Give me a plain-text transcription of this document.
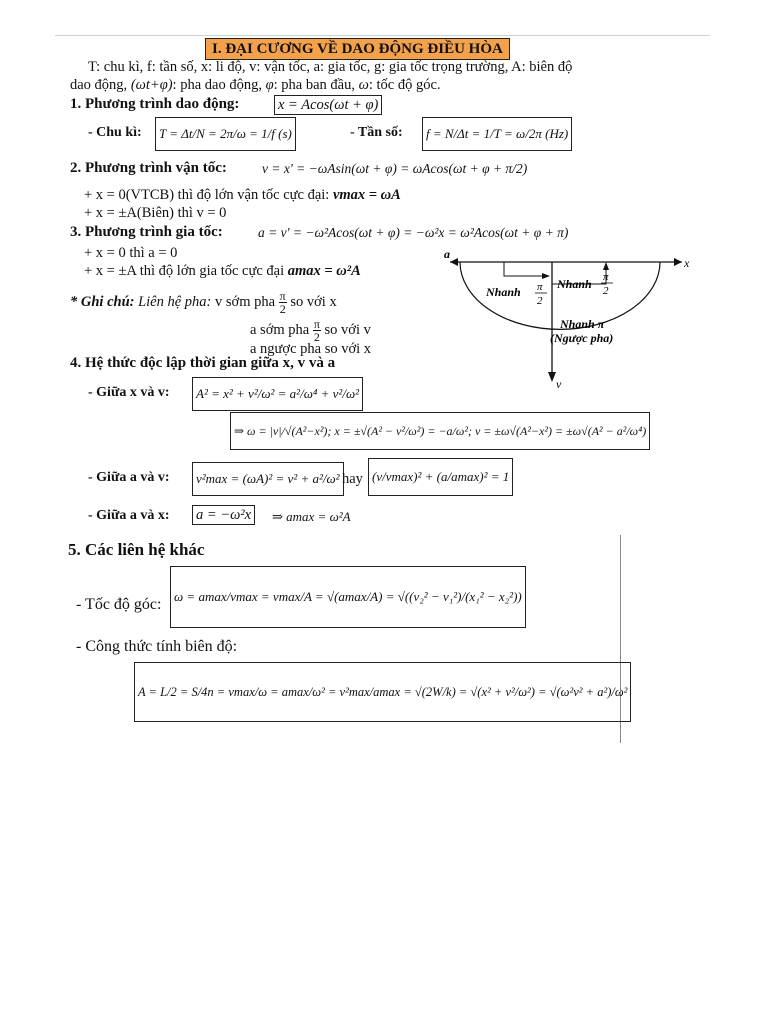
I. ĐẠI CƯƠNG VỀ DAO ĐỘNG ĐIỀU HÒA
T: chu kì, f: tần số, x: li độ, v: vận tốc, a: gia tốc, g: gia tốc trọng trường, A: biên độ
dao động, (ωt+φ): pha dao động, φ: pha ban đầu, ω: tốc độ góc.
1. Phương trình dao động:	x = Acos(ωt + φ)
- Chu kì:	T = Δt/N = 2π/ω = 1/f (s)	- Tần số:	f = N/Δt = 1/T = ω/2π (Hz)
2. Phương trình vận tốc:	v = x' = −ωAsin(ωt + φ) = ωAcos(ωt + φ + π/2)
+ x = 0(VTCB) thì độ lớn vận tốc cực đại: vmax = ωA
+ x = ±A(Biên) thì v = 0
3. Phương trình gia tốc:	a = v' = −ω²Acos(ωt + φ) = −ω²x = ω²Acos(ωt + φ + π)
+ x = 0 thì a = 0
+ x = ±A thì độ lớn gia tốc cực đại amax = ω²A
* Ghi chú: Liên hệ pha: v sớm pha $\frac{\pi}{2}$ so với x
a sớm pha $\frac{\pi}{2}$ so với v
a ngược pha so với x
a
x
v
Nhanh π
2
Nhanh π
2
Nhanh π
(Ngược pha)
4. Hệ thức độc lập thời gian giữa x, v và a
- Giữa x và v:	A² = x² + v²/ω² = a²/ω⁴ + v²/ω²
⇒ ω = |v|/√(A²−x²); x = ±√(A² − v²/ω²) = −a/ω²; v = ±ω√(A²−x²) = ±ω√(A² − a²/ω⁴)
- Giữa a và v:	v²max = (ωA)² = v² + a²/ω² hay (v/vmax)² + (a/amax)² = 1
- Giữa a và x: a = −ω²x	⇒ amax = ω²A
5. Các liên hệ khác
- Tốc độ góc: ω = amax/vmax = vmax/A = √(amax/A) = √((v₂² − v₁²)/(x₁² − x₂²))
- Công thức tính biên độ:
A = L/2 = S/4n = vmax/ω = amax/ω² = v²max/amax = √(2W/k) = √(x² + v²/ω²) = √(ω²v² + a²)/ω²
